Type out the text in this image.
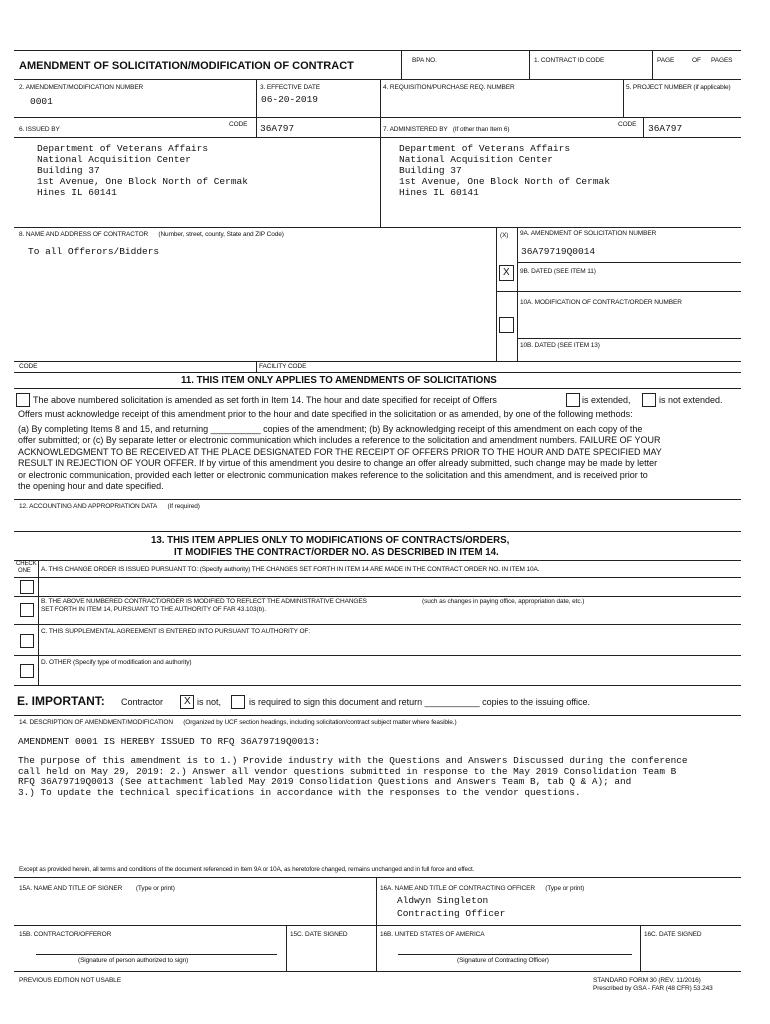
AMENDMENT OF SOLICITATION/MODIFICATION OF CONTRACT	BPA NO.	1. CONTRACT ID CODE	PAGE	OF PAGES
2. AMENDMENT/MODIFICATION NUMBER
0001
3. EFFECTIVE DATE
06-20-2019
4. REQUISITION/PURCHASE REQ. NUMBER	5. PROJECT NUMBER (if applicable)
6. ISSUED BY
CODE 36A797
Department of Veterans Affairs
National Acquisition Center
Building 37
1st Avenue, One Block North of Cermak
Hines IL 60141
7. ADMINISTERED BY (If other than Item 6)
CODE 36A797
Department of Veterans Affairs
National Acquisition Center
Building 37
1st Avenue, One Block North of Cermak
Hines IL 60141
8. NAME AND ADDRESS OF CONTRACTOR (Number, street, county, State and ZIP Code)
To all Offerors/Bidders
(X) 9A. AMENDMENT OF SOLICITATION NUMBER
36A79719Q0014
X 9B. DATED (SEE ITEM 11)
10A. MODIFICATION OF CONTRACT/ORDER NUMBER
10B. DATED (SEE ITEM 13)
CODE	FACILITY CODE
11. THIS ITEM ONLY APPLIES TO AMENDMENTS OF SOLICITATIONS
The above numbered solicitation is amended as set forth in Item 14. The hour and date specified for receipt of Offers	is extended,	is not extended.
Offers must acknowledge receipt of this amendment prior to the hour and date specified in the solicitation or as amended, by one of the following methods:
(a) By completing Items 8 and 15, and returning __________ copies of the amendment; (b) By acknowledging receipt of this amendment on each copy of the
offer submitted; or (c) By separate letter or electronic communication which includes a reference to the solicitation and amendment numbers. FAILURE OF YOUR
ACKNOWLEDGMENT TO BE RECEIVED AT THE PLACE DESIGNATED FOR THE RECEIPT OF OFFERS PRIOR TO THE HOUR AND DATE SPECIFIED MAY
RESULT IN REJECTION OF YOUR OFFER. If by virtue of this amendment you desire to change an offer already submitted, such change may be made by letter
or electronic communication, provided each letter or electronic communication makes reference to the solicitation and this amendment, and is received prior to
the opening hour and date specified.
12. ACCOUNTING AND APPROPRIATION DATA (If required)
13. THIS ITEM APPLIES ONLY TO MODIFICATIONS OF CONTRACTS/ORDERS,
IT MODIFIES THE CONTRACT/ORDER NO. AS DESCRIBED IN ITEM 14.
CHECK
ONE	A. THIS CHANGE ORDER IS ISSUED PURSUANT TO: (Specify authority) THE CHANGES SET FORTH IN ITEM 14 ARE MADE IN THE CONTRACT ORDER NO. IN ITEM 10A.
B. THE ABOVE NUMBERED CONTRACT/ORDER IS MODIFIED TO REFLECT THE ADMINISTRATIVE CHANGES	(such as changes in paying office, appropriation date, etc.)
SET FORTH IN ITEM 14, PURSUANT TO THE AUTHORITY OF FAR 43.103(b).
C. THIS SUPPLEMENTAL AGREEMENT IS ENTERED INTO PURSUANT TO AUTHORITY OF:
D. OTHER (Specify type of modification and authority)
E. IMPORTANT: Contractor X is not,	is required to sign this document and return ___________ copies to the issuing office.
14. DESCRIPTION OF AMENDMENT/MODIFICATION (Organized by UCF section headings, including solicitation/contract subject matter where feasible.)
AMENDMENT 0001 IS HEREBY ISSUED TO RFQ 36A79719Q0013:
The purpose of this amendment is to 1.) Provide industry with the Questions and Answers Discussed during the conference
call held on May 29, 2019: 2.) Answer all vendor questions submitted in response to the May 2019 Consolidation Team B
RFQ 36A79719Q0013 (See attachment labled May 2019 Consolidation Questions and Answers Team B, tab Q & A); and
3.) To update the technical specifications in accordance with the responses to the vendor questions.
Except as provided herein, all terms and conditions of the document referenced in Item 9A or 10A, as heretofore changed, remains unchanged and in full force and effect.
15A. NAME AND TITLE OF SIGNER (Type or print)	16A. NAME AND TITLE OF CONTRACTING OFFICER (Type or print)
Aldwyn Singleton
Contracting Officer
15B. CONTRACTOR/OFFEROR	15C. DATE SIGNED	16B. UNITED STATES OF AMERICA	16C. DATE SIGNED
(Signature of person authorized to sign)	(Signature of Contracting Officer)
PREVIOUS EDITION NOT USABLE	STANDARD FORM 30 (REV. 11/2016)
Prescribed by GSA - FAR (48 CFR) 53.243
